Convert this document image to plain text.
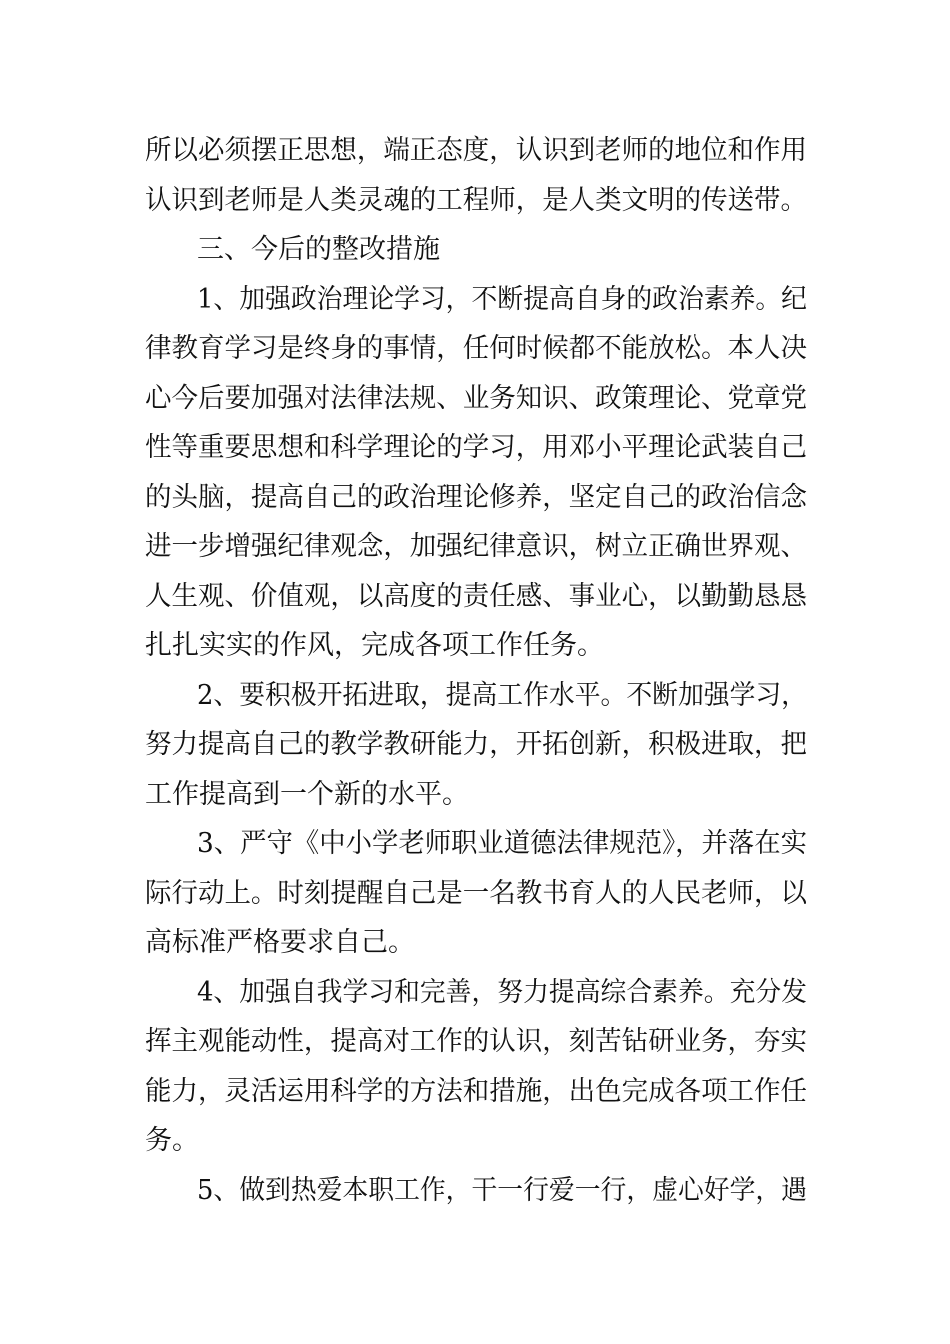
所以必须摆正思想，端正态度，认识到老师的地位和作用
认识到老师是人类灵魂的工程师，是人类文明的传送带。
三、今后的整改措施
1、加强政治理论学习，不断提高自身的政治素养。纪
律教育学习是终身的事情，任何时候都不能放松。本人决
心今后要加强对法律法规、业务知识、政策理论、党章党
性等重要思想和科学理论的学习，用邓小平理论武装自己
的头脑，提高自己的政治理论修养，坚定自己的政治信念
进一步增强纪律观念，加强纪律意识，树立正确世界观、
人生观、价值观，以高度的责任感、事业心，以勤勤恳恳
扎扎实实的作风，完成各项工作任务。
2、要积极开拓进取，提高工作水平。不断加强学习，
努力提高自己的教学教研能力，开拓创新，积极进取，把
工作提高到一个新的水平。
3、严守《中小学老师职业道德法律规范》，并落在实
际行动上。时刻提醒自己是一名教书育人的人民老师，以
高标准严格要求自己。
4、加强自我学习和完善，努力提高综合素养。充分发
挥主观能动性，提高对工作的认识，刻苦钻研业务，夯实
能力，灵活运用科学的方法和措施，出色完成各项工作任
务。
5、做到热爱本职工作，干一行爱一行，虚心好学，遇
